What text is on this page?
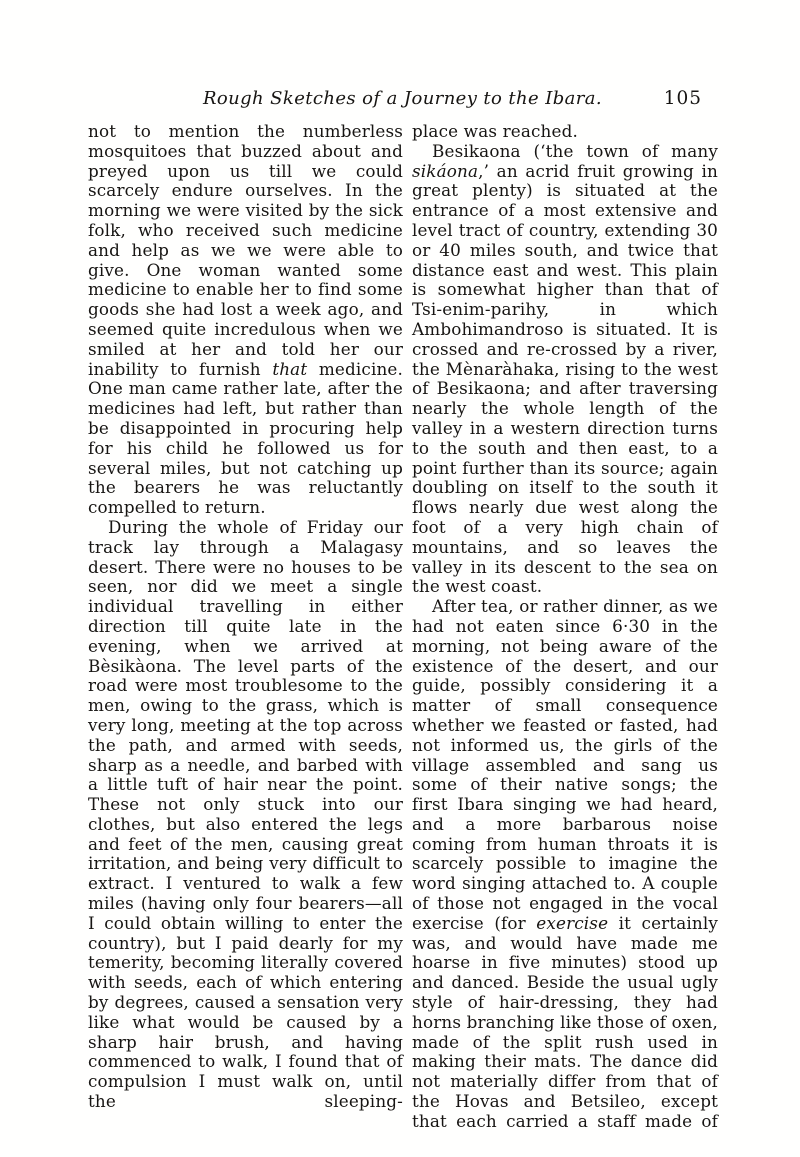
Rough Sketches of a Journey to the Ibara.	105

not to mention the numberless mosquitoes that buzzed about and preyed upon us till we could scarcely endure ourselves. In the morning we were visited by the sick folk, who received such medicine and help as we we were able to give. One woman wanted some medicine to enable her to find some goods she had lost a week ago, and seemed quite incredulous when we smiled at her and told her our inability to furnish that medicine. One man came rather late, after the medicines had left, but rather than be disappointed in procuring help for his child he followed us for several miles, but not catching up the bearers he was reluctantly compelled to return.

During the whole of Friday our track lay through a Malagasy desert. There were no houses to be seen, nor did we meet a single individual travelling in either direction till quite late in the evening, when we arrived at Bèsikàona. The level parts of the road were most troublesome to the men, owing to the grass, which is very long, meeting at the top across the path, and armed with seeds, sharp as a needle, and barbed with a little tuft of hair near the point. These not only stuck into our clothes, but also entered the legs and feet of the men, causing great irritation, and being very difficult to extract. I ventured to walk a few miles (having only four bearers—all I could obtain willing to enter the country), but I paid dearly for my temerity, becoming literally covered with seeds, each of which entering by degrees, caused a sensation very like what would be caused by a sharp hair brush, and having commenced to walk, I found that of compulsion I must walk on, until the sleeping-

place was reached.

Besikaona (‘the town of many sikáona,’ an acrid fruit growing in great plenty) is situated at the entrance of a most extensive and level tract of country, extending 30 or 40 miles south, and twice that distance east and west. This plain is somewhat higher than that of Tsi-enim-parihy, in which Ambohimandroso is situated. It is crossed and re-crossed by a river, the Mènaràhaka, rising to the west of Besikaona; and after traversing nearly the whole length of the valley in a western direction turns to the south and then east, to a point further than its source; again doubling on itself to the south it flows nearly due west along the foot of a very high chain of mountains, and so leaves the valley in its descent to the sea on the west coast.

After tea, or rather dinner, as we had not eaten since 6·30 in the morning, not being aware of the existence of the desert, and our guide, possibly considering it a matter of small consequence whether we feasted or fasted, had not informed us, the girls of the village assembled and sang us some of their native songs; the first Ibara singing we had heard, and a more barbarous noise coming from human throats it is scarcely possible to imagine the word singing attached to. A couple of those not engaged in the vocal exercise (for exercise it certainly was, and would have made me hoarse in five minutes) stood up and danced. Beside the usual ugly style of hair-dressing, they had horns branching like those of oxen, made of the split rush used in making their mats. The dance did not materially differ from that of the Hovas and Betsileo, except that each carried a staff made of
